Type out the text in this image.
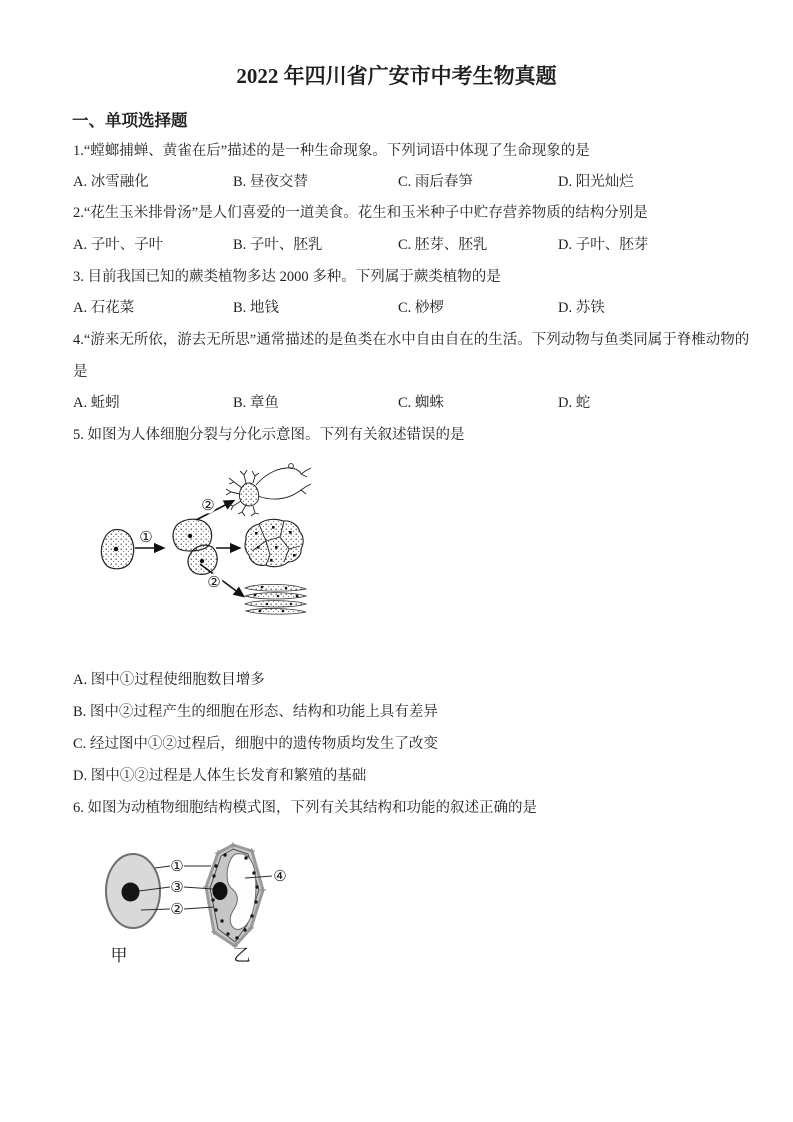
2022 年四川省广安市中考生物真题
一、单项选择题
1.“螳螂捕蝉、黄雀在后”描述的是一种生命现象。下列词语中体现了生命现象的是
A. 冰雪融化	B. 昼夜交替	C. 雨后春笋	D. 阳光灿烂
2.“花生玉米排骨汤”是人们喜爱的一道美食。花生和玉米种子中贮存营养物质的结构分别是
A. 子叶、子叶	B. 子叶、胚乳	C. 胚芽、胚乳	D. 子叶、胚芽
3. 目前我国已知的蕨类植物多达 2000 多种。下列属于蕨类植物的是
A. 石花菜	B. 地钱	C. 桫椤	D. 苏铁
4.“游来无所依，游去无所思”通常描述的是鱼类在水中自由自在的生活。下列动物与鱼类同属于脊椎动物的
是
A. 蚯蚓	B. 章鱼	C. 蜘蛛	D. 蛇
5. 如图为人体细胞分裂与分化示意图。下列有关叙述错误的是
①
②
②
A. 图中①过程使细胞数目增多
B. 图中②过程产生的细胞在形态、结构和功能上具有差异
C. 经过图中①②过程后，细胞中的遗传物质均发生了改变
D. 图中①②过程是人体生长发育和繁殖的基础
6. 如图为动植物细胞结构模式图，下列有关其结构和功能的叙述正确的是
①
③
②
④
甲	乙
